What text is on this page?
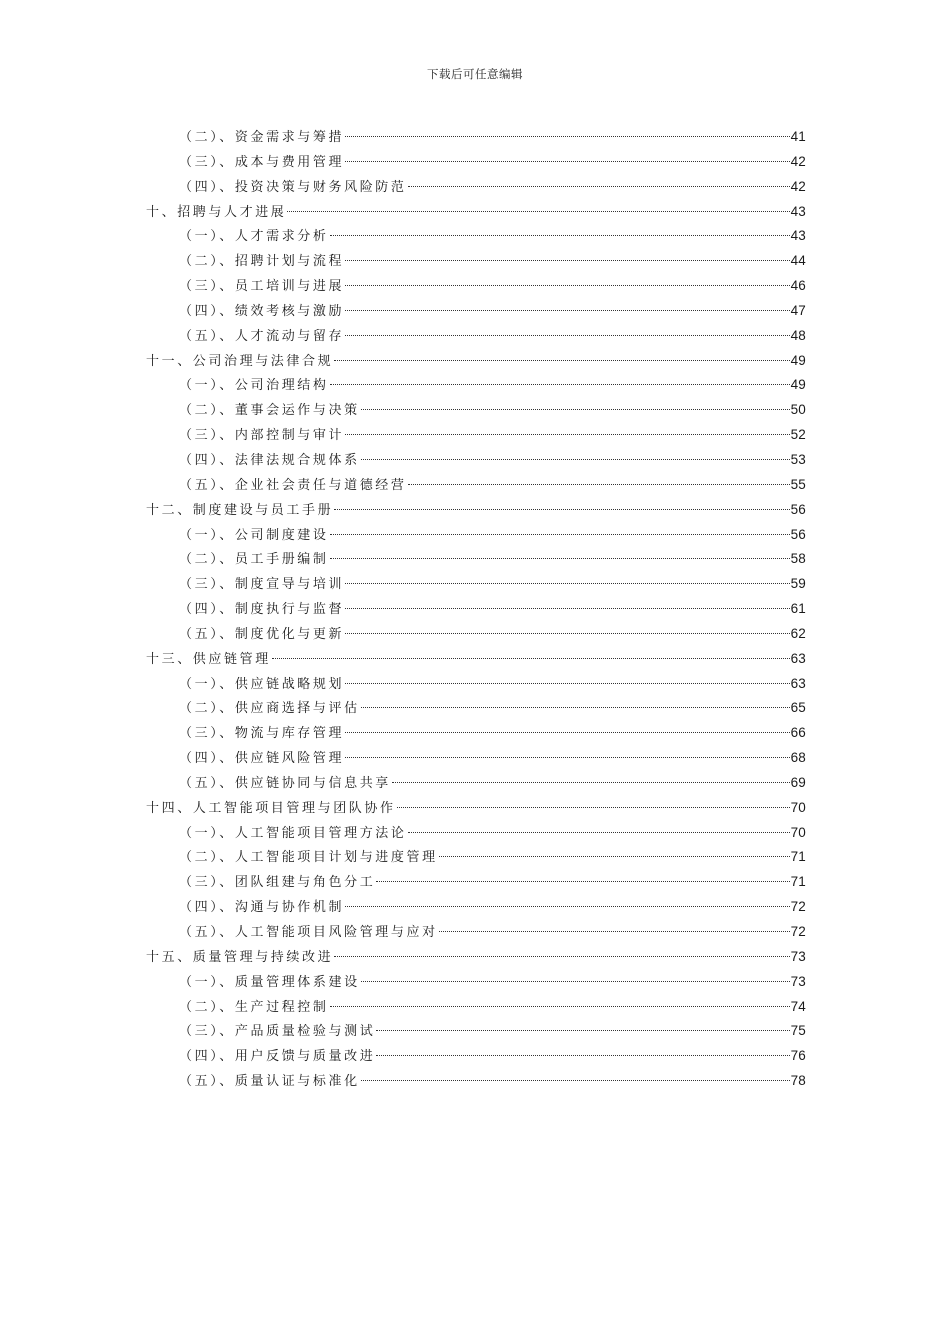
下载后可任意编辑
（二）、资金需求与筹措	41
（三）、成本与费用管理	42
（四）、投资决策与财务风险防范	42
十、招聘与人才进展	43
（一）、人才需求分析	43
（二）、招聘计划与流程	44
（三）、员工培训与进展	46
（四）、绩效考核与激励	47
（五）、人才流动与留存	48
十一、公司治理与法律合规	49
（一）、公司治理结构	49
（二）、董事会运作与决策	50
（三）、内部控制与审计	52
（四）、法律法规合规体系	53
（五）、企业社会责任与道德经营	55
十二、制度建设与员工手册	56
（一）、公司制度建设	56
（二）、员工手册编制	58
（三）、制度宣导与培训	59
（四）、制度执行与监督	61
（五）、制度优化与更新	62
十三、供应链管理	63
（一）、供应链战略规划	63
（二）、供应商选择与评估	65
（三）、物流与库存管理	66
（四）、供应链风险管理	68
（五）、供应链协同与信息共享	69
十四、人工智能项目管理与团队协作	70
（一）、人工智能项目管理方法论	70
（二）、人工智能项目计划与进度管理	71
（三）、团队组建与角色分工	71
（四）、沟通与协作机制	72
（五）、人工智能项目风险管理与应对	72
十五、质量管理与持续改进	73
（一）、质量管理体系建设	73
（二）、生产过程控制	74
（三）、产品质量检验与测试	75
（四）、用户反馈与质量改进	76
（五）、质量认证与标准化	78
